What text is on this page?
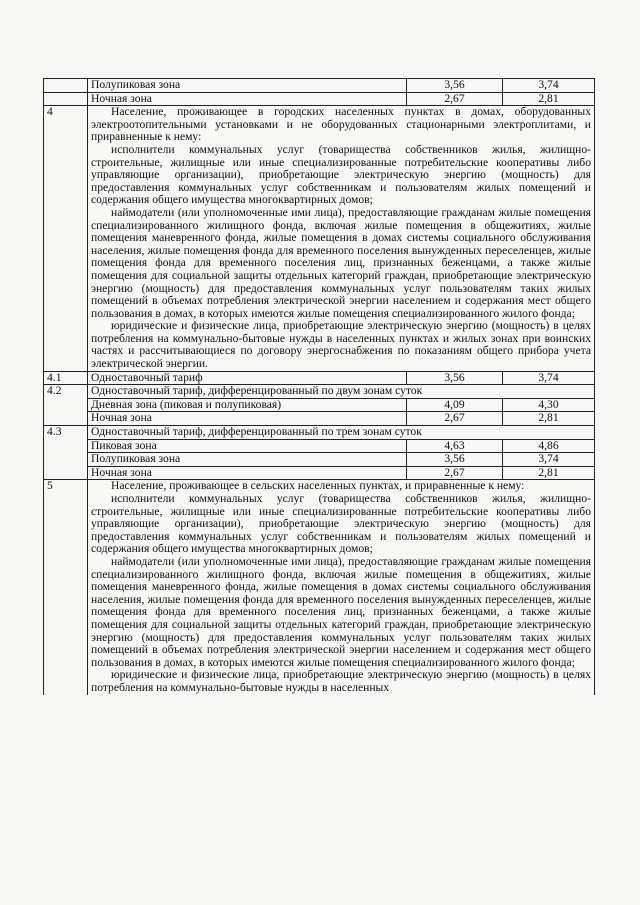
	Полупиковая зона	3,56	3,74
	Ночная зона	2,67	2,81
4	Население, проживающее в городских населенных пунктах в домах, оборудованных электроотопительными установками и не оборудованных стационарными электроплитами, и приравненные к нему:

исполнители коммунальных услуг (товарищества собственников жилья, жилищно-строительные, жилищные или иные специализированные потребительские кооперативы либо управляющие организации), приобретающие электрическую энергию (мощность) для предоставления коммунальных услуг собственникам и пользователям жилых помещений и содержания общего имущества многоквартирных домов;

наймодатели (или уполномоченные ими лица), предоставляющие гражданам жилые помещения специализированного жилищного фонда, включая жилые помещения в общежитиях, жилые помещения маневренного фонда, жилые помещения в домах системы социального обслуживания населения, жилые помещения фонда для временного поселения вынужденных переселенцев, жилые помещения фонда для временного поселения лиц, признанных беженцами, а также жилые помещения для социальной защиты отдельных категорий граждан, приобретающие электрическую энергию (мощность) для предоставления коммунальных услуг пользователям таких жилых помещений в объемах потребления электрической энергии населением и содержания мест общего пользования в домах, в которых имеются жилые помещения специализированного жилого фонда;

юридические и физические лица, приобретающие электрическую энергию (мощность) в целях потребления на коммунально-бытовые нужды в населенных пунктах и жилых зонах при воинских частях и рассчитывающиеся по договору энергоснабжения по показаниям общего прибора учета электрической энергии.		

4.1	Одноставочный тариф	3,56	3,74
4.2	Одноставочный тариф, дифференцированный по двум зонам суток		
	Дневная зона (пиковая и полупиковая)	4,09	4,30
	Ночная зона	2,67	2,81
4.3	Одноставочный тариф, дифференцированный по трем зонам суток		
	Пиковая зона	4,63	4,86
	Полупиковая зона	3,56	3,74
	Ночная зона	2,67	2,81
5	Население, проживающее в сельских населенных пунктах, и приравненные к нему:

исполнители коммунальных услуг (товарищества собственников жилья, жилищно-строительные, жилищные или иные специализированные потребительские кооперативы либо управляющие организации), приобретающие электрическую энергию (мощность) для предоставления коммунальных услуг собственникам и пользователям жилых помещений и содержания общего имущества многоквартирных домов;

наймодатели (или уполномоченные ими лица), предоставляющие гражданам жилые помещения специализированного жилищного фонда, включая жилые помещения в общежитиях, жилые помещения маневренного фонда, жилые помещения в домах системы социального обслуживания населения, жилые помещения фонда для временного поселения вынужденных переселенцев, жилые помещения фонда для временного поселения лиц, признанных беженцами, а также жилые помещения для социальной защиты отдельных категорий граждан, приобретающие электрическую энергию (мощность) для предоставления коммунальных услуг пользователям таких жилых помещений в объемах потребления электрической энергии населением и содержания мест общего пользования в домах, в которых имеются жилые помещения специализированного жилого фонда;

юридические и физические лица, приобретающие электрическую энергию (мощность) в целях потребления на коммунально-бытовые нужды в населенных		
